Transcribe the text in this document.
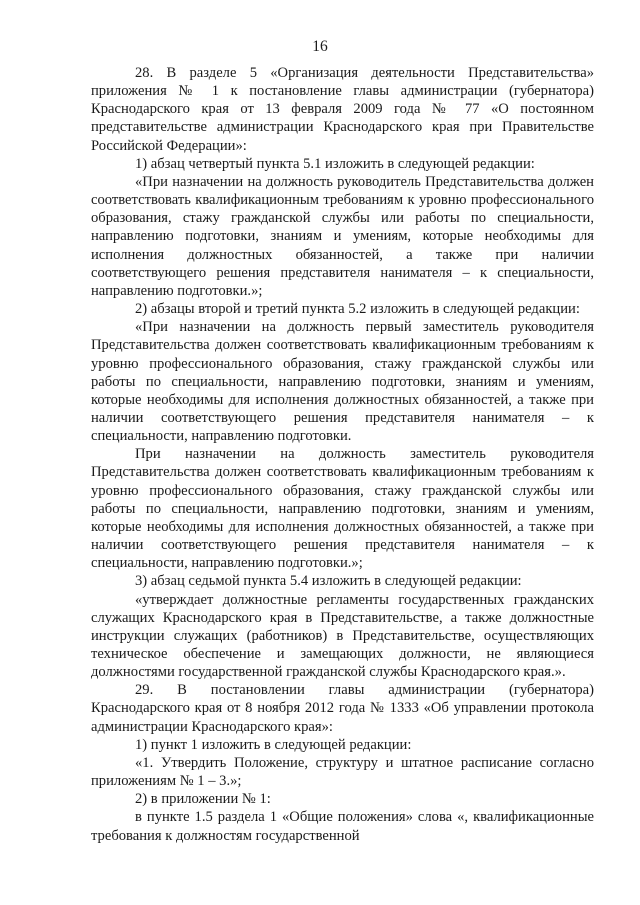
16

28. В разделе 5 «Организация деятельности Представительства» приложения № 1 к постановление главы администрации (губернатора) Краснодарского края от 13 февраля 2009 года № 77 «О постоянном представительстве администрации Краснодарского края при Правительстве Российской Федерации»:

1) абзац четвертый пункта 5.1 изложить в следующей редакции:

«При назначении на должность руководитель Представительства должен соответствовать квалификационным требованиям к уровню профессионального образования, стажу гражданской службы или работы по специальности, направлению подготовки, знаниям и умениям, которые необходимы для исполнения должностных обязанностей, а также при наличии соответствующего решения представителя нанимателя – к специальности, направлению подготовки.»;

2) абзацы второй и третий пункта 5.2 изложить в следующей редакции:

«При назначении на должность первый заместитель руководителя Представительства должен соответствовать квалификационным требованиям к уровню профессионального образования, стажу гражданской службы или работы по специальности, направлению подготовки, знаниям и умениям, которые необходимы для исполнения должностных обязанностей, а также при наличии соответствующего решения представителя нанимателя – к специальности, направлению подготовки.

При назначении на должность заместитель руководителя Представительства должен соответствовать квалификационным требованиям к уровню профессионального образования, стажу гражданской службы или работы по специальности, направлению подготовки, знаниям и умениям, которые необходимы для исполнения должностных обязанностей, а также при наличии соответствующего решения представителя нанимателя – к специальности, направлению подготовки.»;

3) абзац седьмой пункта 5.4 изложить в следующей редакции:

«утверждает должностные регламенты государственных гражданских служащих Краснодарского края в Представительстве, а также должностные инструкции служащих (работников) в Представительстве, осуществляющих техническое обеспечение и замещающих должности, не являющиеся должностями государственной гражданской службы Краснодарского края.».

29. В постановлении главы администрации (губернатора) Краснодарского края от 8 ноября 2012 года № 1333 «Об управлении протокола администрации Краснодарского края»:

1) пункт 1 изложить в следующей редакции:

«1. Утвердить Положение, структуру и штатное расписание согласно приложениям № 1 – 3.»;

2) в приложении № 1:

в пункте 1.5 раздела 1 «Общие положения» слова «, квалификационные требования к должностям государственной
